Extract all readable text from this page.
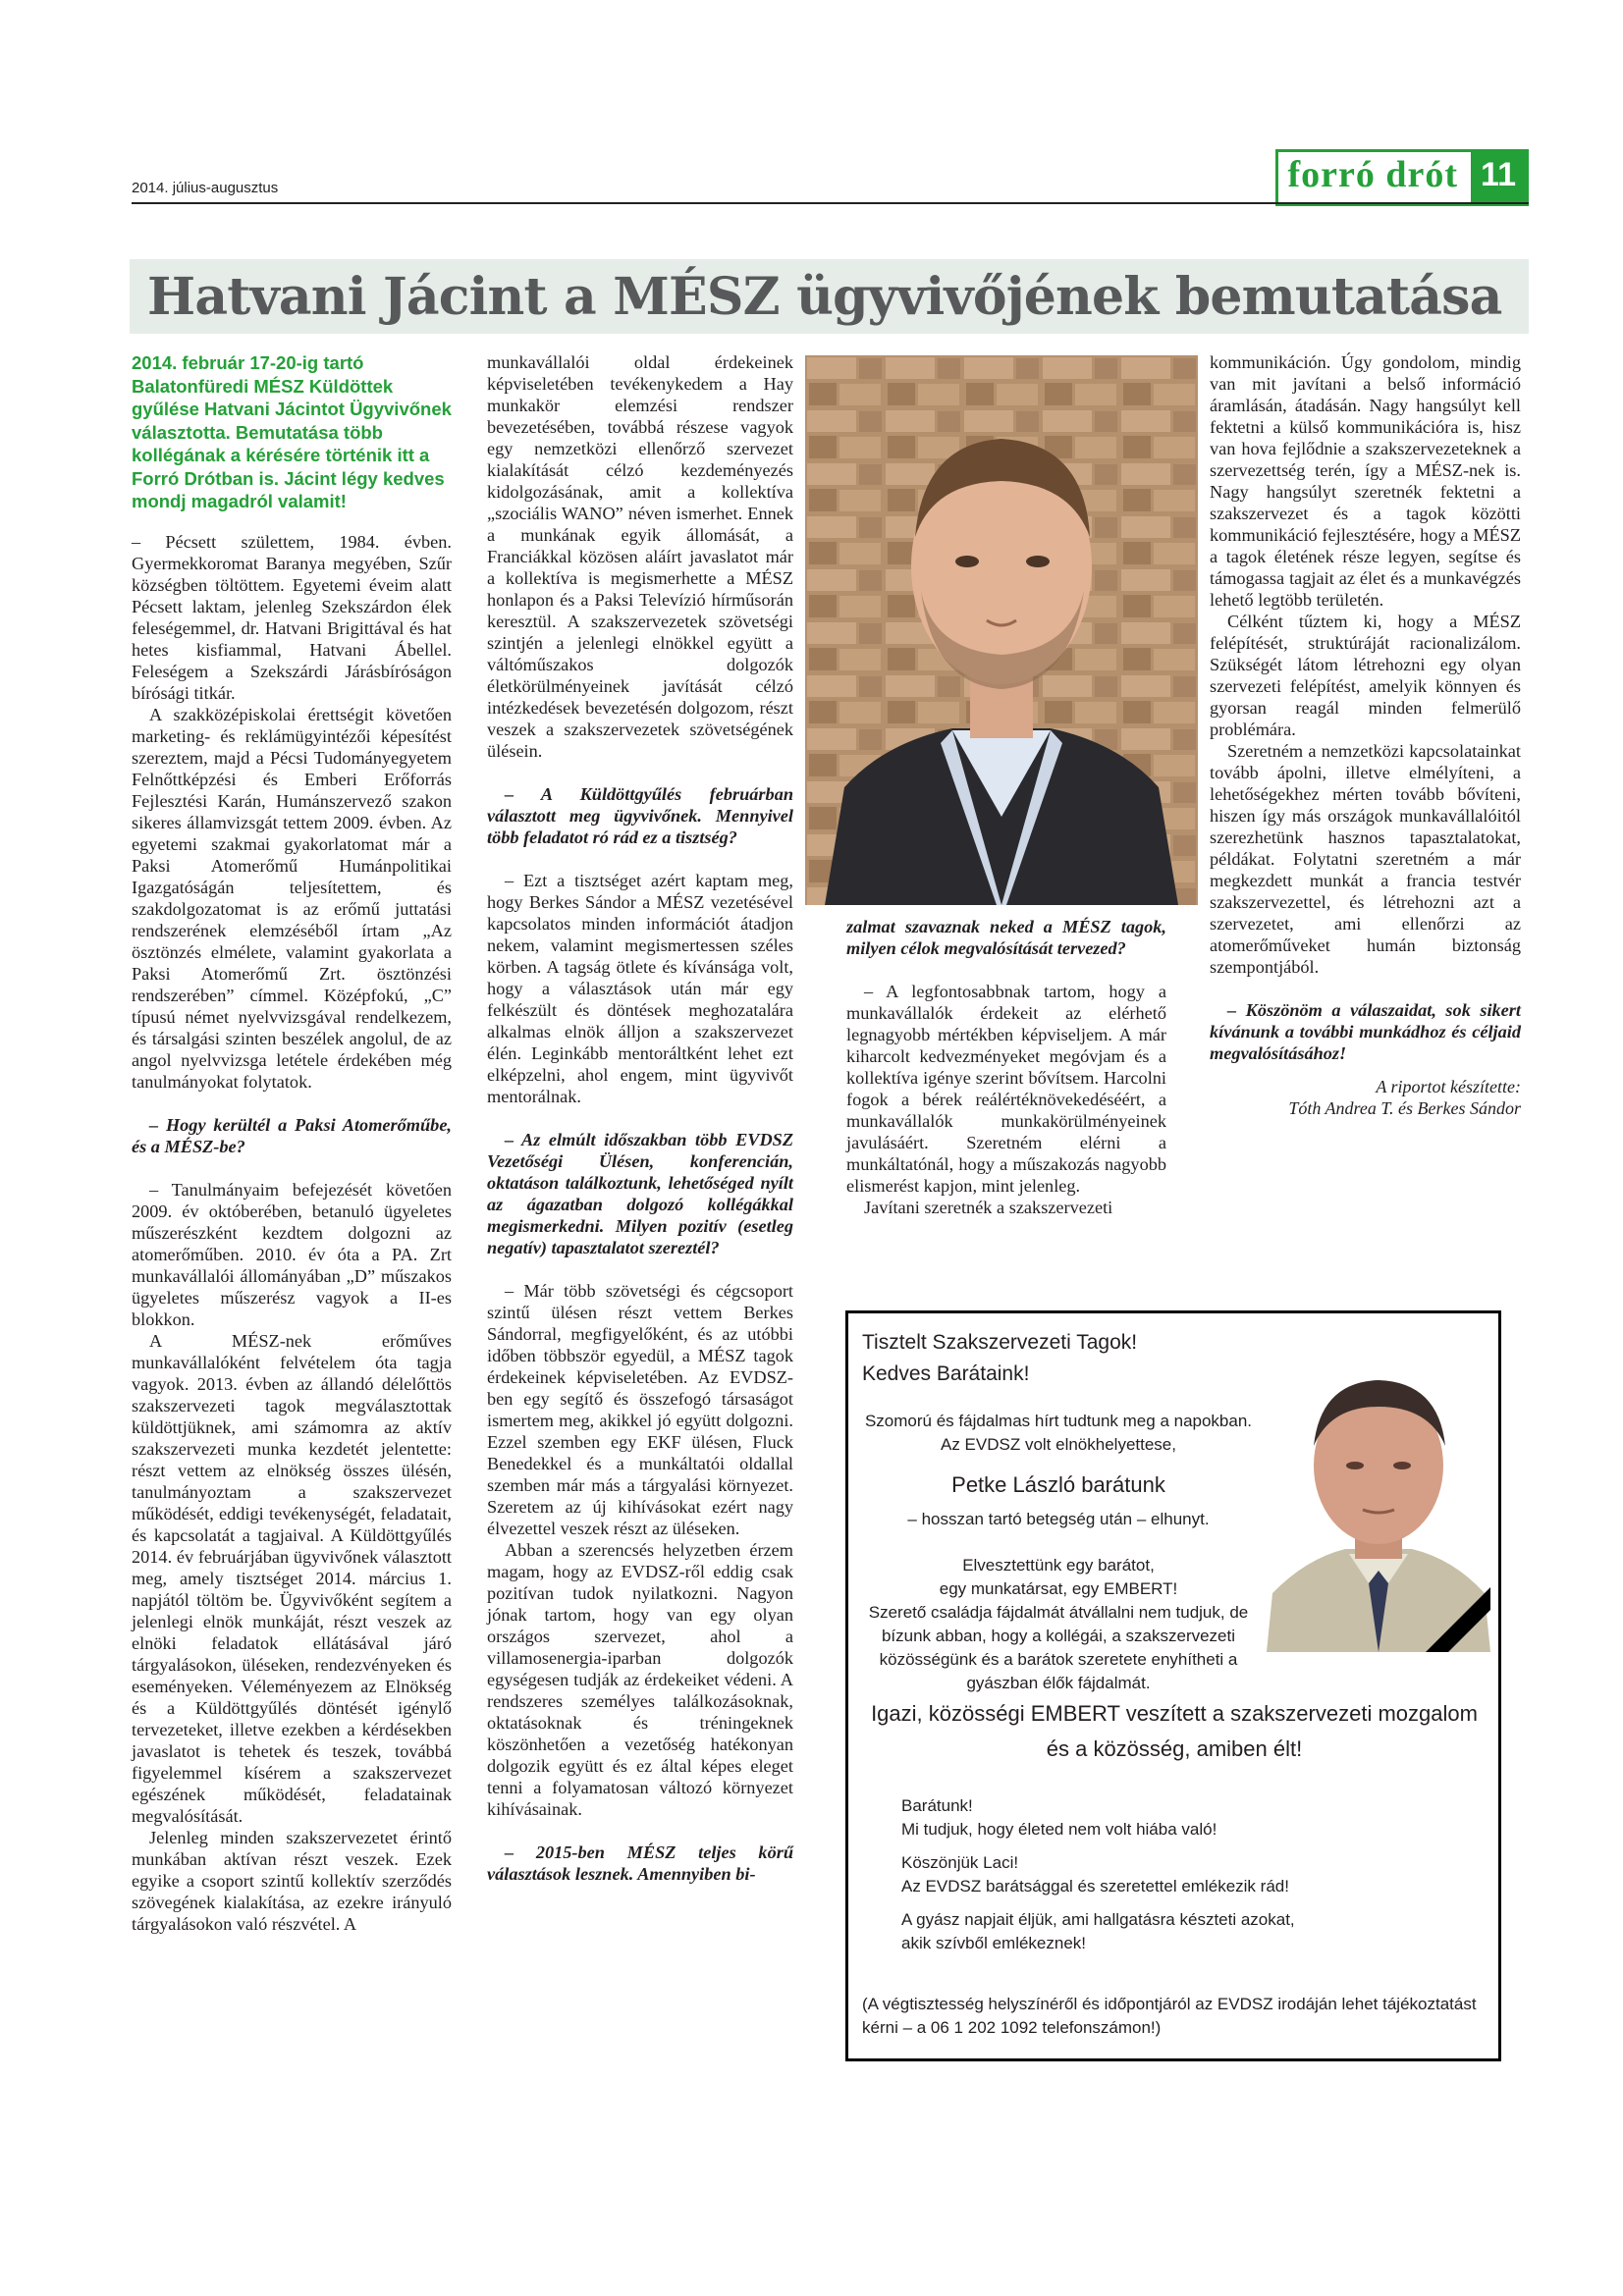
2014. július-augusztus	forró drót 11
Hatvani Jácint a MÉSZ ügyvivőjének bemutatása
2014. február 17-20-ig tartó Balatonfüredi MÉSZ Küldöttek gyűlése Hatvani Jácintot Ügyvivőnek választotta. Bemutatása több kollégának a kérésére történik itt a Forró Drótban is. Jácint légy kedves mondj magadról valamit!

– Pécsett születtem, 1984. évben. Gyermekkoromat Baranya megyében, Szűr községben töltöttem. Egyetemi éveim alatt Pécsett laktam, jelenleg Szekszárdon élek feleségemmel, dr. Hatvani Brigittával és hat hetes kisfiammal, Hatvani Ábellel. Feleségem a Szekszárdi Járásbíróságon bírósági titkár.

A szakközépiskolai érettségit követően marketing- és reklámügyintézői képesítést szereztem, majd a Pécsi Tudományegyetem Felnőttképzési és Emberi Erőforrás Fejlesztési Karán, Humánszervező szakon sikeres államvizsgát tettem 2009. évben. Az egyetemi szakmai gyakorlatomat már a Paksi Atomerőmű Humánpolitikai Igazgatóságán teljesítettem, és szakdolgozatomat is az erőmű juttatási rendszerének elemzéséből írtam „Az ösztönzés elmélete, valamint gyakorlata a Paksi Atomerőmű Zrt. ösztönzési rendszerében” címmel. Középfokú, „C” típusú német nyelvvizsgával rendelkezem, és társalgási szinten beszélek angolul, de az angol nyelvvizsga letétele érdekében még tanulmányokat folytatok.

– Hogy kerültél a Paksi Atomerőműbe, és a MÉSZ-be?

– Tanulmányaim befejezését követően 2009. év októberében, betanuló ügyeletes műszerészként kezdtem dolgozni az atomerőműben. 2010. év óta a PA. Zrt munkavállalói állományában „D” műszakos ügyeletes műszerész vagyok a II-es blokkon.

A MÉSZ-nek erőműves munkavállalóként felvételem óta tagja vagyok. 2013. évben az állandó délelőttös szakszervezeti tagok megválasztottak küldöttjüknek, ami számomra az aktív szakszervezeti munka kezdetét jelentette: részt vettem az elnökség összes ülésén, tanulmányoztam a szakszervezet működését, eddigi tevékenységét, feladatait, és kapcsolatát a tagjaival. A Küldöttgyűlés 2014. év februárjában ügyvivőnek választott meg, amely tisztséget 2014. március 1. napjától töltöm be. Ügyvivőként segítem a jelenlegi elnök munkáját, részt veszek az elnöki feladatok ellátásával járó tárgyalásokon, üléseken, rendezvényeken és eseményeken. Véleményezem az Elnökség és a Küldöttgyűlés döntését igénylő tervezeteket, illetve ezekben a kérdésekben javaslatot is tehetek és teszek, továbbá figyelemmel kísérem a szakszervezet egészének működését, feladatainak megvalósítását.

Jelenleg minden szakszervezetet érintő munkában aktívan részt veszek. Ezek egyike a csoport szintű kollektív szerződés szövegének kialakítása, az ezekre irányuló tárgyalásokon való részvétel. A

munkavállalói oldal érdekeinek képviseletében tevékenykedem a Hay munkakör elemzési rendszer bevezetésében, továbbá részese vagyok egy nemzetközi ellenőrző szervezet kialakítását célzó kezdeményezés kidolgozásának, amit a kollektíva „szociális WANO” néven ismerhet. Ennek a munkának egyik állomását, a Franciákkal közösen aláírt javaslatot már a kollektíva is megismerhette a MÉSZ honlapon és a Paksi Televízió hírműsorán keresztül. A szakszervezetek szövetségi szintjén a jelenlegi elnökkel együtt a váltóműszakos dolgozók életkörülményeinek javítását célzó intézkedések bevezetésén dolgozom, részt veszek a szakszervezetek szövetségének ülésein.

– A Küldöttgyűlés februárban választott meg ügyvivőnek. Mennyivel több feladatot ró rád ez a tisztség?

– Ezt a tisztséget azért kaptam meg, hogy Berkes Sándor a MÉSZ vezetésével kapcsolatos minden információt átadjon nekem, valamint megismertessen széles körben. A tagság ötlete és kívánsága volt, hogy a választások után már egy felkészült és döntések meghozatalára alkalmas elnök álljon a szakszervezet élén. Leginkább mentoráltként lehet ezt elképzelni, ahol engem, mint ügyvivőt mentorálnak.

– Az elmúlt időszakban több EVDSZ Vezetőségi Ülésen, konferencián, oktatáson találkoztunk, lehetőséged nyílt az ágazatban dolgozó kollégákkal megismerkedni. Milyen pozitív (esetleg negatív) tapasztalatot szereztél?

– Már több szövetségi és cégcsoport szintű ülésen részt vettem Berkes Sándorral, megfigyelőként, és az utóbbi időben többször egyedül, a MÉSZ tagok érdekeinek képviseletében. Az EVDSZ-ben egy segítő és összefogó társaságot ismertem meg, akikkel jó együtt dolgozni. Ezzel szemben egy EKF ülésen, Fluck Benedekkel és a munkáltatói oldallal szemben már más a tárgyalási környezet. Szeretem az új kihívásokat ezért nagy élvezettel veszek részt az üléseken.

Abban a szerencsés helyzetben érzem magam, hogy az EVDSZ-ről eddig csak pozitívan tudok nyilatkozni. Nagyon jónak tartom, hogy van egy olyan országos szervezet, ahol a villamosenergia-iparban dolgozók egységesen tudják az érdekeiket védeni. A rendszeres személyes találkozásoknak, oktatásoknak és tréningeknek köszönhetően a vezetőség hatékonyan dolgozik együtt és ez által képes eleget tenni a folyamatosan változó környezet kihívásainak.

– 2015-ben MÉSZ teljes körű választások lesznek. Amennyiben bi-

zalmat szavaznak neked a MÉSZ tagok, milyen célok megvalósítását tervezed?

– A legfontosabbnak tartom, hogy a munkavállalók érdekeit az elérhető legnagyobb mértékben képviseljem. A már kiharcolt kedvezményeket megóvjam és a kollektíva igénye szerint bővítsem. Harcolni fogok a bérek reálértéknövekedéséért, a munkavállalók munkakörülményeinek javulásáért. Szeretném elérni a munkáltatónál, hogy a műszakozás nagyobb elismerést kapjon, mint jelenleg.

Javítani szeretnék a szakszervezeti

kommunikáción. Úgy gondolom, mindig van mit javítani a belső információ áramlásán, átadásán. Nagy hangsúlyt kell fektetni a külső kommunikációra is, hisz van hova fejlődnie a szakszervezeteknek a szervezettség terén, így a MÉSZ-nek is. Nagy hangsúlyt szeretnék fektetni a szakszervezet és a tagok közötti kommunikáció fejlesztésére, hogy a MÉSZ a tagok életének része legyen, segítse és támogassa tagjait az élet és a munkavégzés lehető legtöbb területén.

Célként tűztem ki, hogy a MÉSZ felépítését, struktúráját racionalizálom. Szükségét látom létrehozni egy olyan szervezeti felépítést, amelyik könnyen és gyorsan reagál minden felmerülő problémára.

Szeretném a nemzetközi kapcsolatainkat tovább ápolni, illetve elmélyíteni, a lehetőségekhez mérten tovább bővíteni, hiszen így más országok munkavállalóitól szerezhetünk hasznos tapasztalatokat, példákat. Folytatni szeretném a már megkezdett munkát a francia testvér szakszervezettel, és létrehozni azt a szervezetet, ami ellenőrzi az atomerőműveket humán biztonság szempontjából.

– Köszönöm a válaszaidat, sok sikert kívánunk a további munkádhoz és céljaid megvalósításához!

A riportot készítette:
Tóth Andrea T. és Berkes Sándor
Tisztelt Szakszervezeti Tagok!
Kedves Barátaink!
Szomorú és fájdalmas hírt tudtunk meg a napokban. Az EVDSZ volt elnökhelyettese,
Petke László barátunk
– hosszan tartó betegség után – elhunyt.
Elvesztettünk egy barátot,
egy munkatársat, egy EMBERT!
Szerető családja fájdalmát átvállalni nem tudjuk, de bízunk abban, hogy a kollégái, a szakszervezeti közösségünk és a barátok szeretete enyhítheti a gyászban élők fájdalmát.
Igazi, közösségi EMBERT veszített a szakszervezeti mozgalom
és a közösség, amiben élt!
Barátunk!
Mi tudjuk, hogy életed nem volt hiába való!
Köszönjük Laci!
Az EVDSZ barátsággal és szeretettel emlékezik rád!
A gyász napjait éljük, ami hallgatásra készteti azokat,
akik szívből emlékeznek!
(A végtisztesség helyszínéről és időpontjáról az EVDSZ irodáján lehet tájékoztatást kérni – a 06 1 202 1092 telefonszámon!)
